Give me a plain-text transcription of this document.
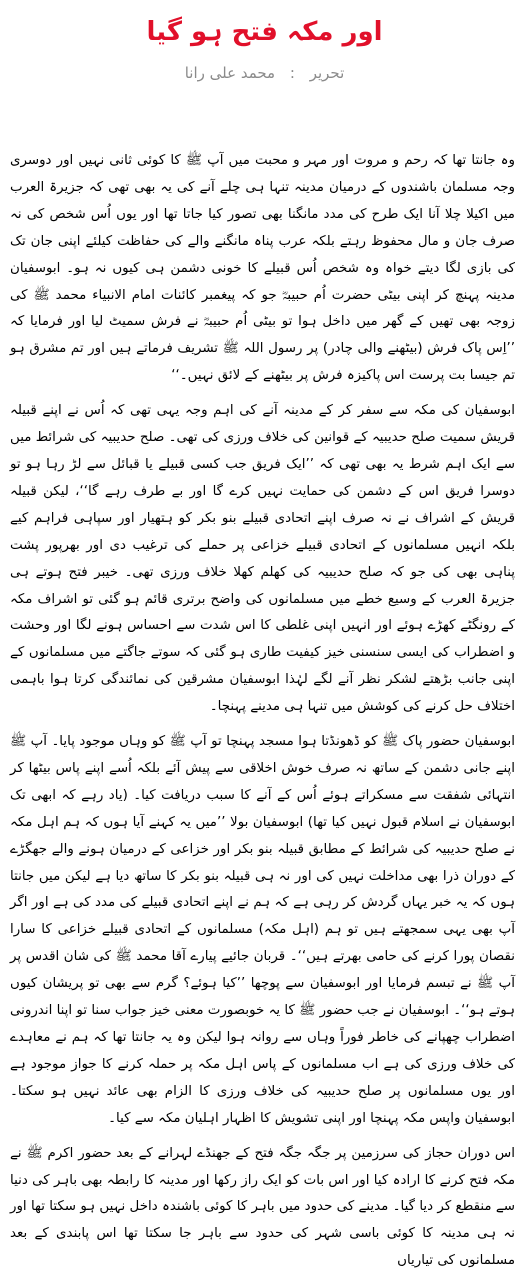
اور مکہ فتح ہو گیا
تحریر : محمد علی رانا

وہ جانتا تھا کہ رحم و مروت اور مہر و محبت میں آپ ﷺ کا کوئی ثانی نہیں اور دوسری وجہ مسلمان باشندوں کے درمیان مدینہ تنہا ہی چلے آنے کی یہ بھی تھی کہ جزیرۃ العرب میں اکیلا چلا آنا ایک طرح کی مدد مانگنا بھی تصور کیا جاتا تھا اور یوں اُس شخص کی نہ صرف جان و مال محفوظ رہتے بلکہ عرب پناہ مانگنے والے کی حفاظت کیلئے اپنی جان تک کی بازی لگا دیتے خواہ وہ شخص اُس قبیلے کا خونی دشمن ہی کیوں نہ ہو۔ ابوسفیان مدینہ پہنچ کر اپنی بیٹی حضرت اُم حبیبہؓ جو کہ پیغمبر کائنات امام الانبیاء محمد ﷺ کی زوجہ بھی تھیں کے گھر میں داخل ہوا تو بیٹی اُم حبیبہؓ نے فرش سمیٹ لیا اور فرمایا کہ ’’اِس پاک فرش (بیٹھنے والی چادر) پر رسول اللہ ﷺ تشریف فرماتے ہیں اور تم مشرق ہو تم جیسا بت پرست اس پاکیزہ فرش پر بیٹھنے کے لائق نہیں۔‘‘

ابوسفیان کی مکہ سے سفر کر کے مدینہ آنے کی اہم وجہ یہی تھی کہ اُس نے اپنے قبیلہ قریش سمیت صلح حدیبیہ کے قوانین کی خلاف ورزی کی تھی۔ صلح حدیبیہ کی شرائط میں سے ایک اہم شرط یہ بھی تھی کہ ’’ایک فریق جب کسی قبیلے یا قبائل سے لڑ رہا ہو تو دوسرا فریق اس کے دشمن کی حمایت نہیں کرے گا اور بے طرف رہے گا‘‘، لیکن قبیلہ قریش کے اشراف نے نہ صرف اپنے اتحادی قبیلے بنو بکر کو ہتھیار اور سپاہی فراہم کیے بلکہ انہیں مسلمانوں کے اتحادی قبیلے خزاعی پر حملے کی ترغیب دی اور بھرپور پشت پناہی بھی کی جو کہ صلح حدیبیہ کی کھلم کھلا خلاف ورزی تھی۔ خیبر فتح ہوتے ہی جزیرۃ العرب کے وسیع خطے میں مسلمانوں کی واضح برتری قائم ہو گئی تو اشراف مکہ کے رونگٹے کھڑے ہوئے اور انہیں اپنی غلطی کا اس شدت سے احساس ہونے لگا اور وحشت و اضطراب کی ایسی سنسنی خیز کیفیت طاری ہو گئی کہ سوتے جاگتے میں مسلمانوں کے اپنی جانب بڑھتے لشکر نظر آنے لگے لہٰذا ابوسفیان مشرقین کی نمائندگی کرتا ہوا باہمی اختلاف حل کرنے کی کوشش میں تنہا ہی مدینے پہنچا۔

ابوسفیان حضور پاک ﷺ کو ڈھونڈتا ہوا مسجد پہنچا تو آپ ﷺ کو وہاں موجود پایا۔ آپ ﷺ اپنے جانی دشمن کے ساتھ نہ صرف خوش اخلاقی سے پیش آئے بلکہ اُسے اپنے پاس بیٹھا کر انتہائی شفقت سے مسکراتے ہوئے اُس کے آنے کا سبب دریافت کیا۔ (یاد رہے کہ ابھی تک ابوسفیان نے اسلام قبول نہیں کیا تھا) ابوسفیان بولا ’’میں یہ کہنے آیا ہوں کہ ہم اہل مکہ نے صلح حدیبیہ کی شرائط کے مطابق قبیلہ بنو بکر اور خزاعی کے درمیان ہونے والے جھگڑے کے دوران ذرا بھی مداخلت نہیں کی اور نہ ہی قبیلہ بنو بکر کا ساتھ دیا ہے لیکن میں جانتا ہوں کہ یہ خبر یہاں گردش کر رہی ہے کہ ہم نے اپنے اتحادی قبیلے کی مدد کی ہے اور اگر آپ بھی یہی سمجھتے ہیں تو ہم (اہل مکہ) مسلمانوں کے اتحادی قبیلے خزاعی کا سارا نقصان پورا کرنے کی حامی بھرتے ہیں‘‘۔ قربان جائیے پیارے آقا محمد ﷺ کی شان اقدس پر آپ ﷺ نے تبسم فرمایا اور ابوسفیان سے پوچھا ’’کیا ہوئے؟ گرم سے بھی تو پریشان کیوں ہوتے ہو‘‘۔ ابوسفیان نے جب حضور ﷺ کا یہ خوبصورت معنی خیز جواب سنا تو اپنا اندرونی اضطراب چھپانے کی خاطر فوراً وہاں سے روانہ ہوا لیکن وہ یہ جانتا تھا کہ ہم نے معاہدے کی خلاف ورزی کی ہے اب مسلمانوں کے پاس اہل مکہ پر حملہ کرنے کا جواز موجود ہے اور یوں مسلمانوں پر صلح حدیبیہ کی خلاف ورزی کا الزام بھی عائد نہیں ہو سکتا۔ ابوسفیان واپس مکہ پہنچا اور اپنی تشویش کا اظہار اہلیان مکہ سے کیا۔

اس دوران حجاز کی سرزمین پر جگہ جگہ فتح کے جھنڈے لہرانے کے بعد حضور اکرم ﷺ نے مکہ فتح کرنے کا ارادہ کیا اور اس بات کو ایک راز رکھا اور مدینہ کا رابطہ بھی باہر کی دنیا سے منقطع کر دیا گیا۔ مدینے کی حدود میں باہر کا کوئی باشندہ داخل نہیں ہو سکتا تھا اور نہ ہی مدینہ کا کوئی باسی شہر کی حدود سے باہر جا سکتا تھا اس پابندی کے بعد مسلمانوں کی تیاریاں
